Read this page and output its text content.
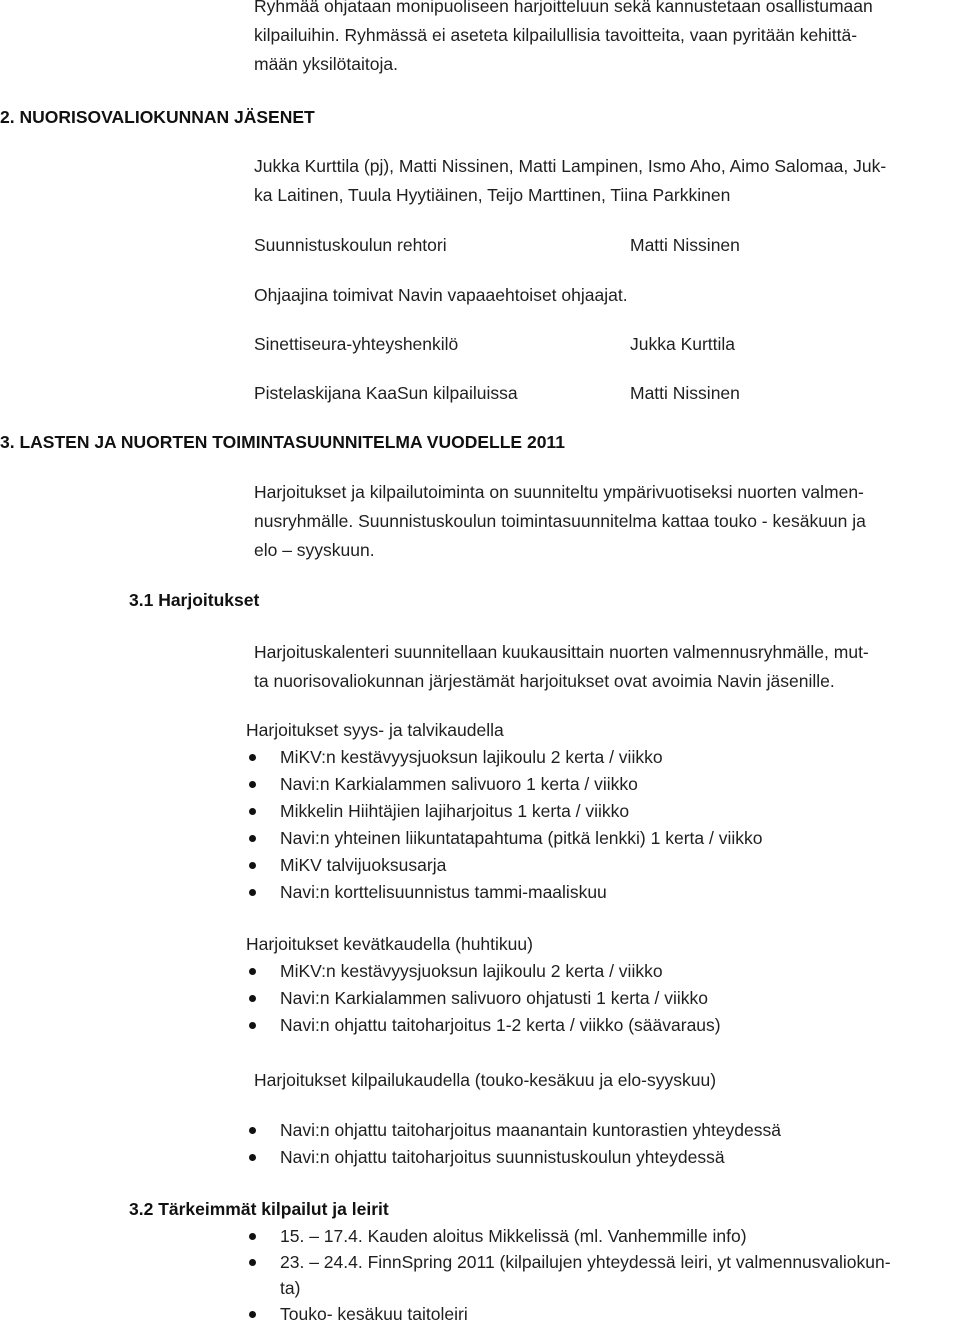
Ryhmää ohjataan monipuoliseen harjoitteluun sekä kannustetaan osallistumaan
kilpailuihin. Ryhmässä ei aseteta kilpailullisia tavoitteita, vaan pyritään kehittä-
mään yksilötaitoja.
2. NUORISOVALIOKUNNAN JÄSENET
Jukka Kurttila (pj), Matti Nissinen, Matti Lampinen, Ismo Aho, Aimo Salomaa, Juk-
ka Laitinen, Tuula Hyytiäinen, Teijo Marttinen, Tiina Parkkinen
Suunnistuskoulun rehtori	Matti Nissinen
Ohjaajina toimivat Navin vapaaehtoiset ohjaajat.
Sinettiseura-yhteyshenkilö	Jukka Kurttila
Pistelaskijana KaaSun kilpailuissa	Matti Nissinen
3. LASTEN JA NUORTEN TOIMINTASUUNNITELMA VUODELLE 2011
Harjoitukset ja kilpailutoiminta on suunniteltu ympärivuotiseksi nuorten valmen-
nusryhmälle. Suunnistuskoulun toimintasuunnitelma kattaa touko - kesäkuun ja
elo – syyskuun.
3.1 Harjoitukset
Harjoituskalenteri suunnitellaan kuukausittain nuorten valmennusryhmälle, mut-
ta nuorisovaliokunnan järjestämät harjoitukset ovat avoimia Navin jäsenille.
Harjoitukset syys- ja talvikaudella
MiKV:n kestävyysjuoksun lajikoulu 2 kerta / viikko
Navi:n Karkialammen salivuoro 1 kerta / viikko
Mikkelin Hiihtäjien lajiharjoitus 1 kerta / viikko
Navi:n yhteinen liikuntatapahtuma (pitkä lenkki) 1 kerta / viikko
MiKV talvijuoksusarja
Navi:n korttelisuunnistus tammi-maaliskuu
Harjoitukset kevätkaudella (huhtikuu)
MiKV:n kestävyysjuoksun lajikoulu 2 kerta / viikko
Navi:n Karkialammen salivuoro ohjatusti 1 kerta / viikko
Navi:n ohjattu taitoharjoitus 1-2 kerta / viikko (säävaraus)
Harjoitukset kilpailukaudella (touko-kesäkuu ja elo-syyskuu)
Navi:n ohjattu taitoharjoitus maanantain kuntorastien yhteydessä
Navi:n ohjattu taitoharjoitus suunnistuskoulun yhteydessä
3.2 Tärkeimmät kilpailut ja leirit
15. – 17.4. Kauden aloitus Mikkelissä (ml. Vanhemmille info)
23. – 24.4. FinnSpring 2011 (kilpailujen yhteydessä leiri, yt valmennusvaliokun-
ta)
Touko- kesäkuu taitoleiri
